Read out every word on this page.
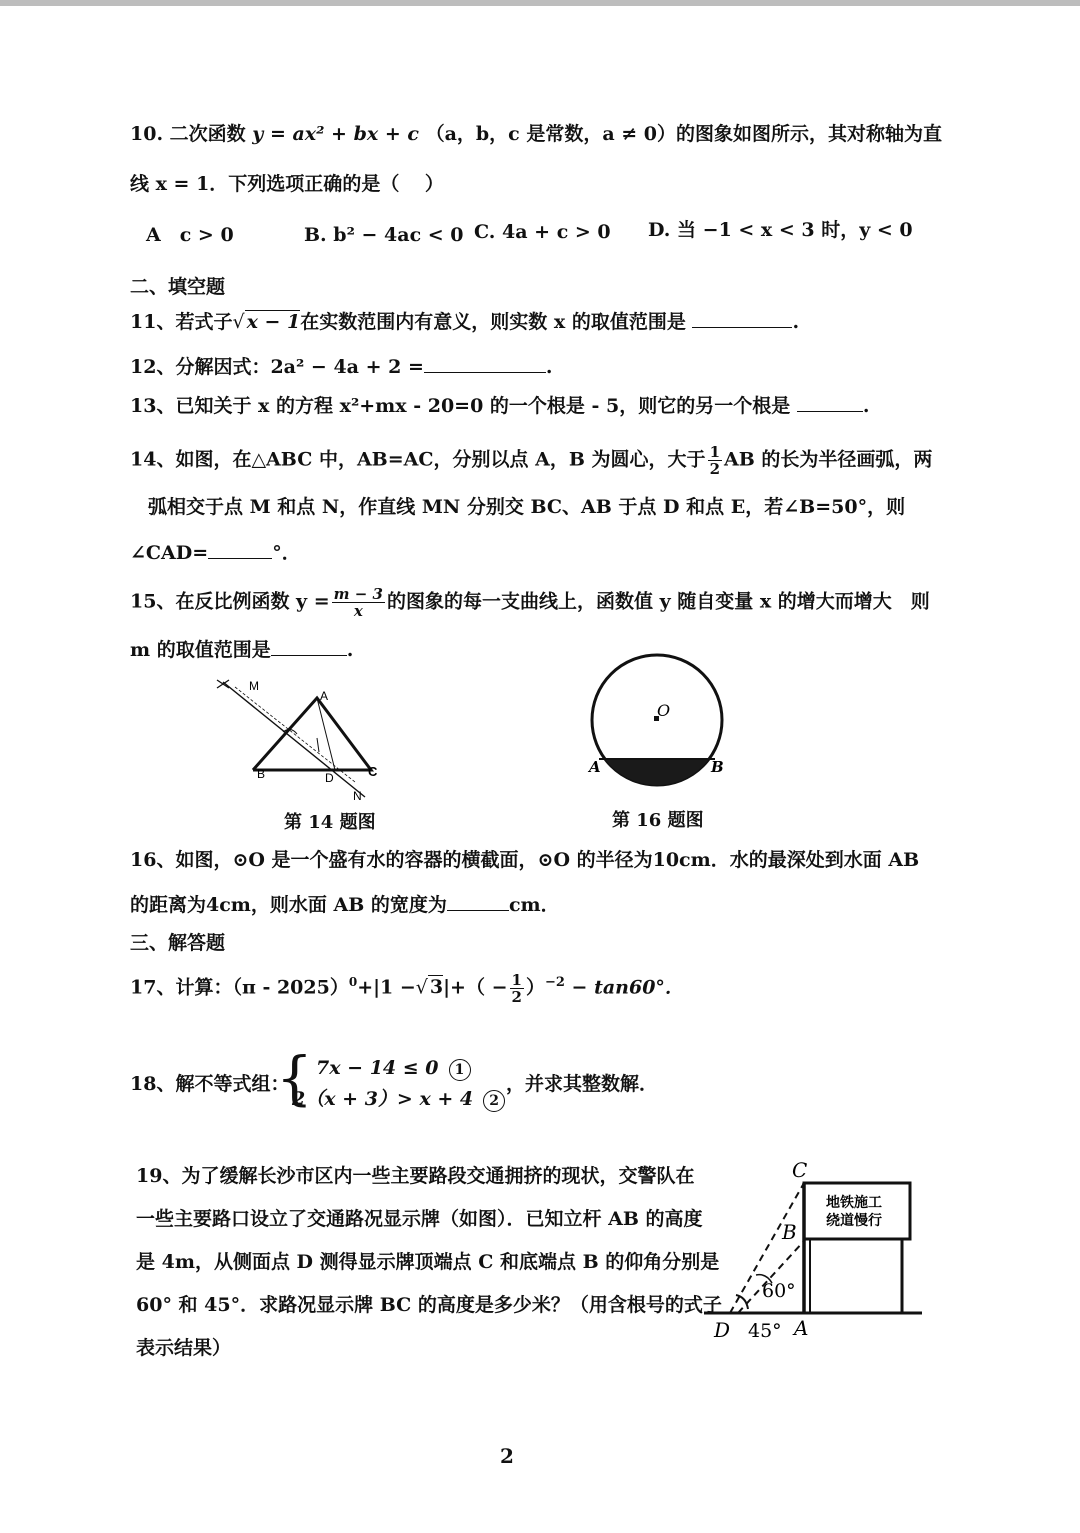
10. 二次函数 y = ax² + bx + c （a，b，c 是常数，a ≠ 0）的图象如图所示，其对称轴为直
线 x = 1．下列选项正确的是（　 ）
A　c > 0	B. b² − 4ac < 0 C. 4a + c > 0 D. 当 −1 < x < 3 时，y < 0
二、填空题
11、若式子√ x − 1在实数范围内有意义，则实数 x 的取值范围是	.
12、分解因式：2a² − 4a + 2 =	.
13、已知关于 x 的方程 x²+mx - 20=0 的一个根是 - 5，则它的另一个根是	.
14、如图，在△ABC 中，AB=AC，分别以点 A，B 为圆心，大于 $\frac{1}{2}$ AB 的长为半径画弧，两
弧相交于点 M 和点 N，作直线 MN 分别交 BC、AB 于点 D 和点 E，若∠B=50°，则
∠CAD=	°．
15、在反比例函数 $y = \frac{m - 3}{x}$ 的图象的每一支曲线上，函数值 y 随自变量 x 的增大而增大　则
m 的取值范围是	.
M
A
B	D	C
N
第 14 题图
O
A	B
第 16 题图
16、如图，⊙O 是一个盛有水的容器的横截面，⊙O 的半径为10cm．水的最深处到水面 AB
的距离为4cm，则水面 AB 的宽度为	cm．
三、解答题
17、计算：（π - 2025）$^0$+|1 −√ $3|+( - \frac{1}{2} )^{-2} - \tan 60^\circ$．
18、解不等式组：
{ 7x − 14 ≤ 0 1
2（x + 3）> x + 4 2
，并求其整数解．
19、为了缓解长沙市区内一些主要路段交通拥挤的现状，交警队在
一些主要路口设立了交通路况显示牌（如图）．已知立杆 AB 的高度
是 4m，从侧面点 D 测得显示牌顶端点 C 和底端点 B 的仰角分别是
60° 和 45°．求路况显示牌 BC 的高度是多少米？（用含根号的式子
表示结果）
地铁施工
绕道慢行
C
B
A
D
60°
45°
2
